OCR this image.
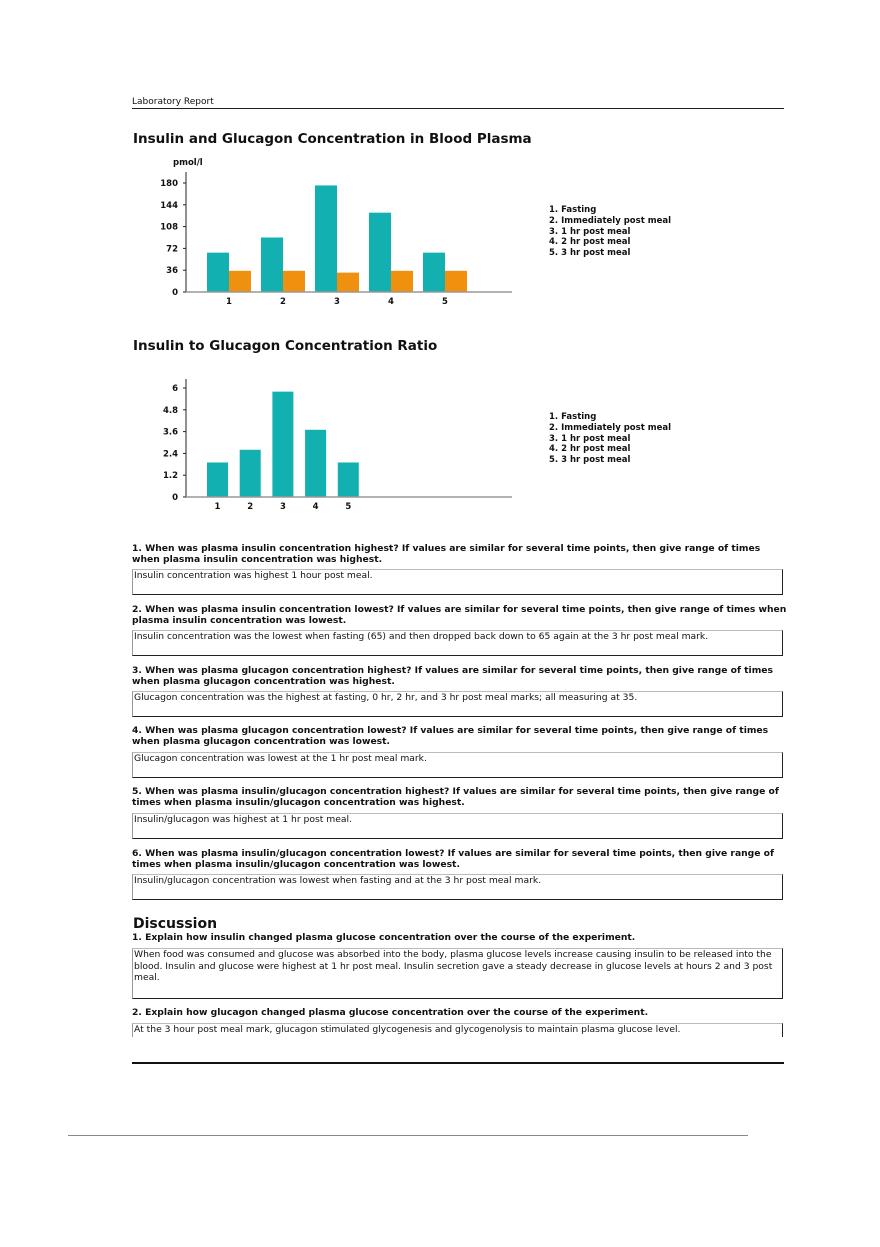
Laboratory Report
Insulin and Glucagon Concentration in Blood Plasma
0
36
72
108
144
180
pmol/l
1	2	3	4	5
1. Fasting
2. Immediately post meal
3. 1 hr post meal
4. 2 hr post meal
5. 3 hr post meal
Insulin to Glucagon Concentration Ratio
0
1.2
2.4
3.6
4.8
6
1	2	3	4	5
1. Fasting
2. Immediately post meal
3. 1 hr post meal
4. 2 hr post meal
5. 3 hr post meal
1. When was plasma insulin concentration highest? If values are similar for several time points, then give range of times when plasma insulin concentration was highest.
Insulin concentration was highest 1 hour post meal.
2. When was plasma insulin concentration lowest? If values are similar for several time points, then give range of times when plasma insulin concentration was lowest.
Insulin concentration was the lowest when fasting (65) and then dropped back down to 65 again at the 3 hr post meal mark.
3. When was plasma glucagon concentration highest? If values are similar for several time points, then give range of times when plasma glucagon concentration was highest.
Glucagon concentration was the highest at fasting, 0 hr, 2 hr, and 3 hr post meal marks; all measuring at 35.
4. When was plasma glucagon concentration lowest? If values are similar for several time points, then give range of times when plasma glucagon concentration was lowest.
Glucagon concentration was lowest at the 1 hr post meal mark.
5. When was plasma insulin/glucagon concentration highest? If values are similar for several time points, then give range of times when plasma insulin/glucagon concentration was highest.
Insulin/glucagon was highest at 1 hr post meal.
6. When was plasma insulin/glucagon concentration lowest? If values are similar for several time points, then give range of times when plasma insulin/glucagon concentration was lowest.
Insulin/glucagon concentration was lowest when fasting and at the 3 hr post meal mark.
Discussion
1. Explain how insulin changed plasma glucose concentration over the course of the experiment.
When food was consumed and glucose was absorbed into the body, plasma glucose levels increase causing insulin to be released into the blood. Insulin and glucose were highest at 1 hr post meal. Insulin secretion gave a steady decrease in glucose levels at hours 2 and 3 post meal.
2. Explain how glucagon changed plasma glucose concentration over the course of the experiment.
At the 3 hour post meal mark, glucagon stimulated glycogenesis and glycogenolysis to maintain plasma glucose level.
